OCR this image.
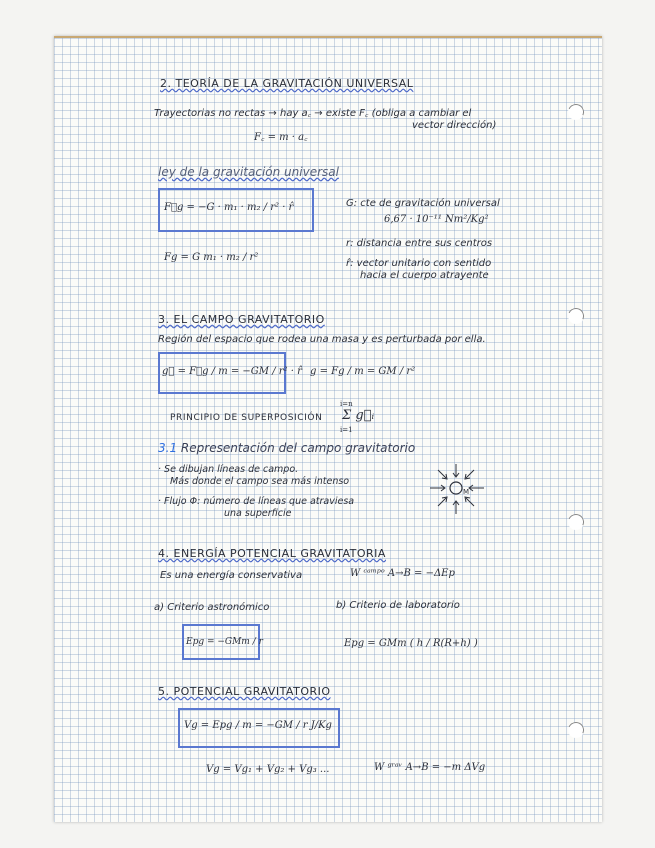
2. TEORÍA DE LA GRAVITACIÓN UNIVERSAL
Trayectorias no rectas → hay a꜀ → existe F꜀ (obliga a cambiar el
vector dirección)
F꜀ = m · a꜀
ley de la gravitación universal
F⃗g = −G · m₁ · m₂ / r² · r̂	G: cte de gravitación universal
6,67 · 10⁻¹¹ Nm²/Kg²
Fg = G m₁ · m₂ / r²
r: distancia entre sus centros
r̂: vector unitario con sentido
hacia el cuerpo atrayente
3. EL CAMPO GRAVITATORIO
Región del espacio que rodea una masa y es perturbada por ella.
g⃗ = F⃗g / m = −GM / r² · r̂ g = Fg / m = GM / r²
PRINCIPIO DE SUPERPOSICIÓN
i=n
Σ g⃗ᵢ
i=1
3.1 Representación del campo gravitatorio
· Se dibujan líneas de campo.
Más donde el campo sea más intenso
· Flujo Φ: número de líneas que atraviesa
una superficie
M
4. ENERGÍA POTENCIAL GRAVITATORIA
Es una energía conservativa	W ᶜᵃᵐᵖᵒ A→B = −ΔEp
a) Criterio astronómico	b) Criterio de laboratorio
Epg = −GMm / r	Epg = GMm ( h / R(R+h) )
5. POTENCIAL GRAVITATORIO
Vg = Epg / m = −GM / r J/Kg
Vg = Vg₁ + Vg₂ + Vg₃ ...	W ᵍʳᵃᵛ A→B = −m ΔVg
